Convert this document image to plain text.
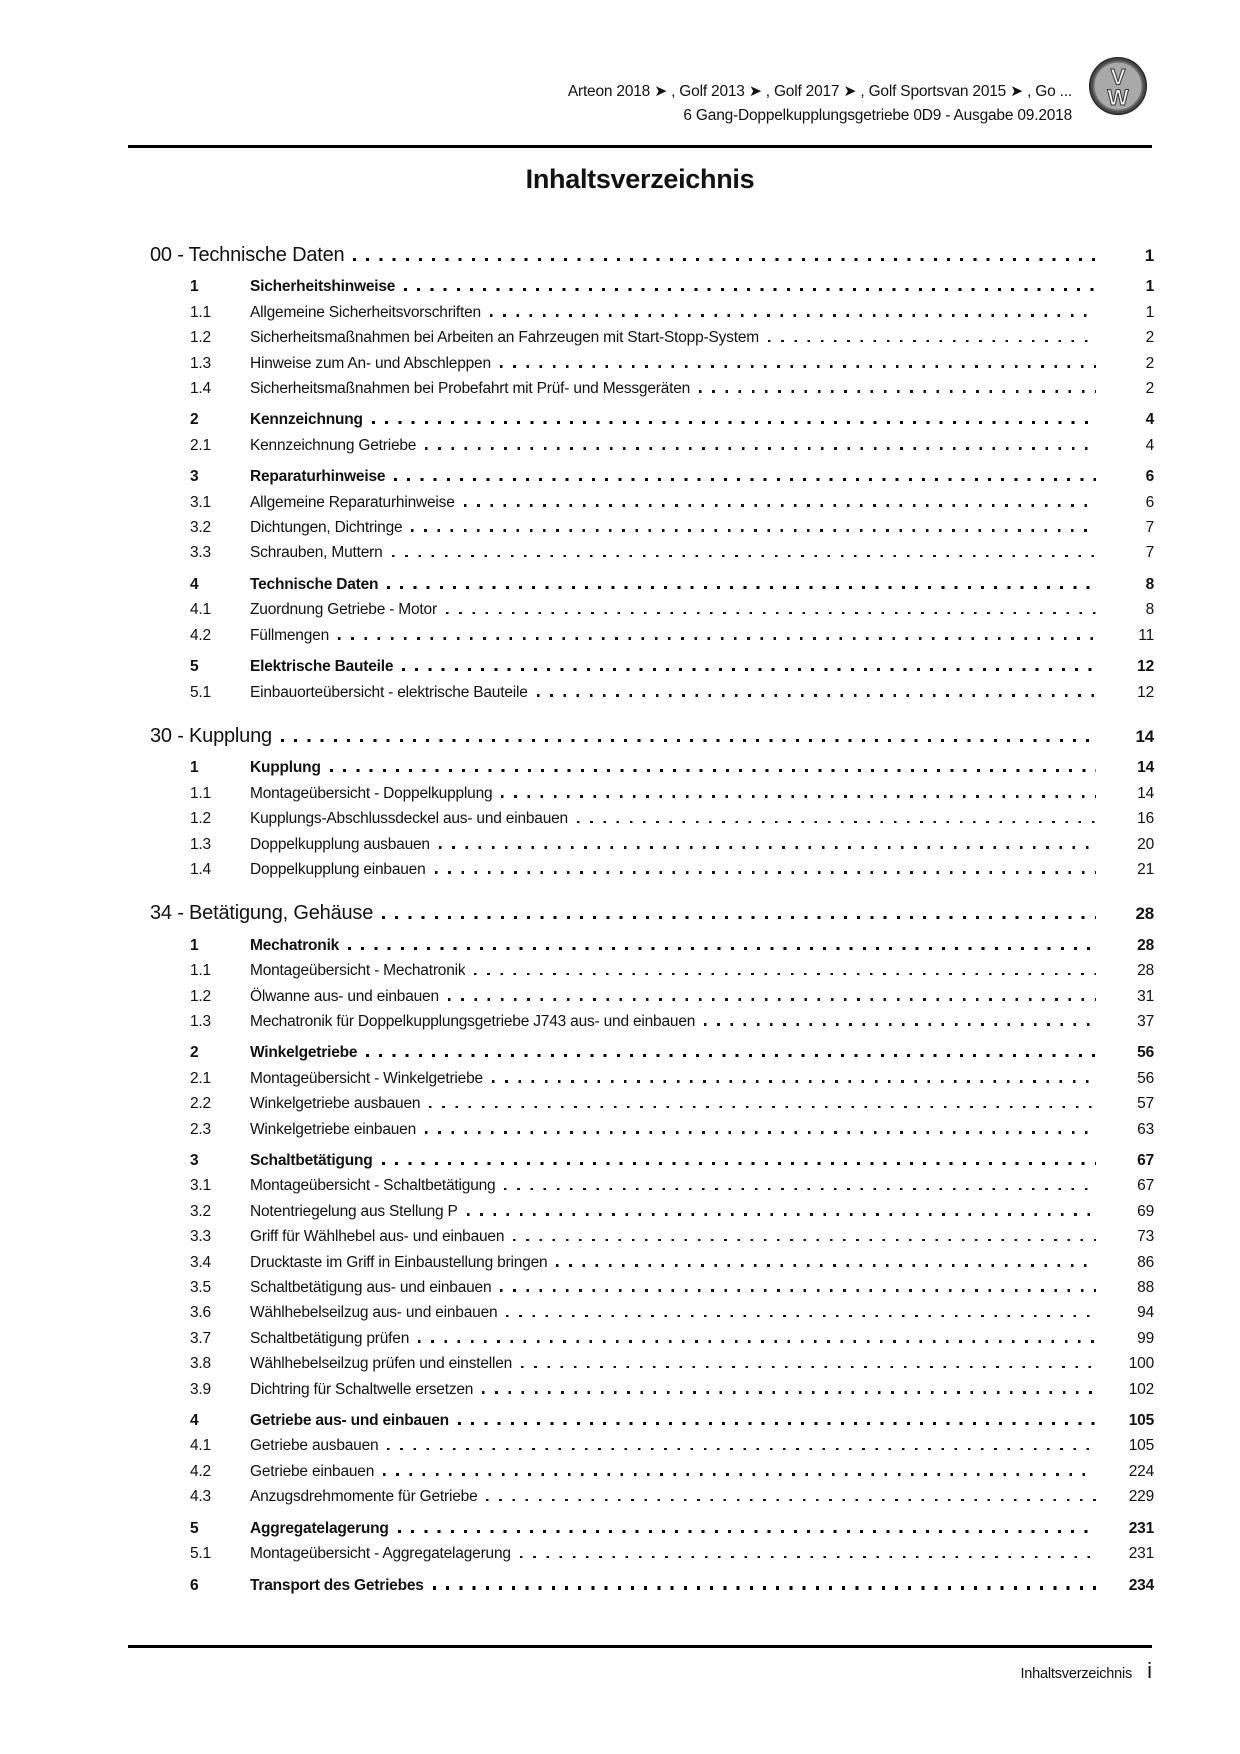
Arteon 2018 ➤ , Golf 2013 ➤ , Golf 2017 ➤ , Golf Sportsvan 2015 ➤ , Go ...
6 Gang-Doppelkupplungsgetriebe 0D9 - Ausgabe 09.2018
V
W
Inhaltsverzeichnis
00 - Technische Daten	1
1	Sicherheitshinweise	1
1.1	Allgemeine Sicherheitsvorschriften	1
1.2	Sicherheitsmaßnahmen bei Arbeiten an Fahrzeugen mit Start-Stopp-System	2
1.3	Hinweise zum An- und Abschleppen	2
1.4	Sicherheitsmaßnahmen bei Probefahrt mit Prüf- und Messgeräten	2
2	Kennzeichnung	4
2.1	Kennzeichnung Getriebe	4
3	Reparaturhinweise	6
3.1	Allgemeine Reparaturhinweise	6
3.2	Dichtungen, Dichtringe	7
3.3	Schrauben, Muttern	7
4	Technische Daten	8
4.1	Zuordnung Getriebe - Motor	8
4.2	Füllmengen	11
5	Elektrische Bauteile	12
5.1	Einbauorteübersicht - elektrische Bauteile	12
30 - Kupplung	14
1	Kupplung	14
1.1	Montageübersicht - Doppelkupplung	14
1.2	Kupplungs-Abschlussdeckel aus- und einbauen	16
1.3	Doppelkupplung ausbauen	20
1.4	Doppelkupplung einbauen	21
34 - Betätigung, Gehäuse	28
1	Mechatronik	28
1.1	Montageübersicht - Mechatronik	28
1.2	Ölwanne aus- und einbauen	31
1.3	Mechatronik für Doppelkupplungsgetriebe J743 aus- und einbauen	37
2	Winkelgetriebe	56
2.1	Montageübersicht - Winkelgetriebe	56
2.2	Winkelgetriebe ausbauen	57
2.3	Winkelgetriebe einbauen	63
3	Schaltbetätigung	67
3.1	Montageübersicht - Schaltbetätigung	67
3.2	Notentriegelung aus Stellung P	69
3.3	Griff für Wählhebel aus- und einbauen	73
3.4	Drucktaste im Griff in Einbaustellung bringen	86
3.5	Schaltbetätigung aus- und einbauen	88
3.6	Wählhebelseilzug aus- und einbauen	94
3.7	Schaltbetätigung prüfen	99
3.8	Wählhebelseilzug prüfen und einstellen	100
3.9	Dichtring für Schaltwelle ersetzen	102
4	Getriebe aus- und einbauen	105
4.1	Getriebe ausbauen	105
4.2	Getriebe einbauen	224
4.3	Anzugsdrehmomente für Getriebe	229
5	Aggregatelagerung	231
5.1	Montageübersicht - Aggregatelagerung	231
6	Transport des Getriebes	234
Inhaltsverzeichnis i
